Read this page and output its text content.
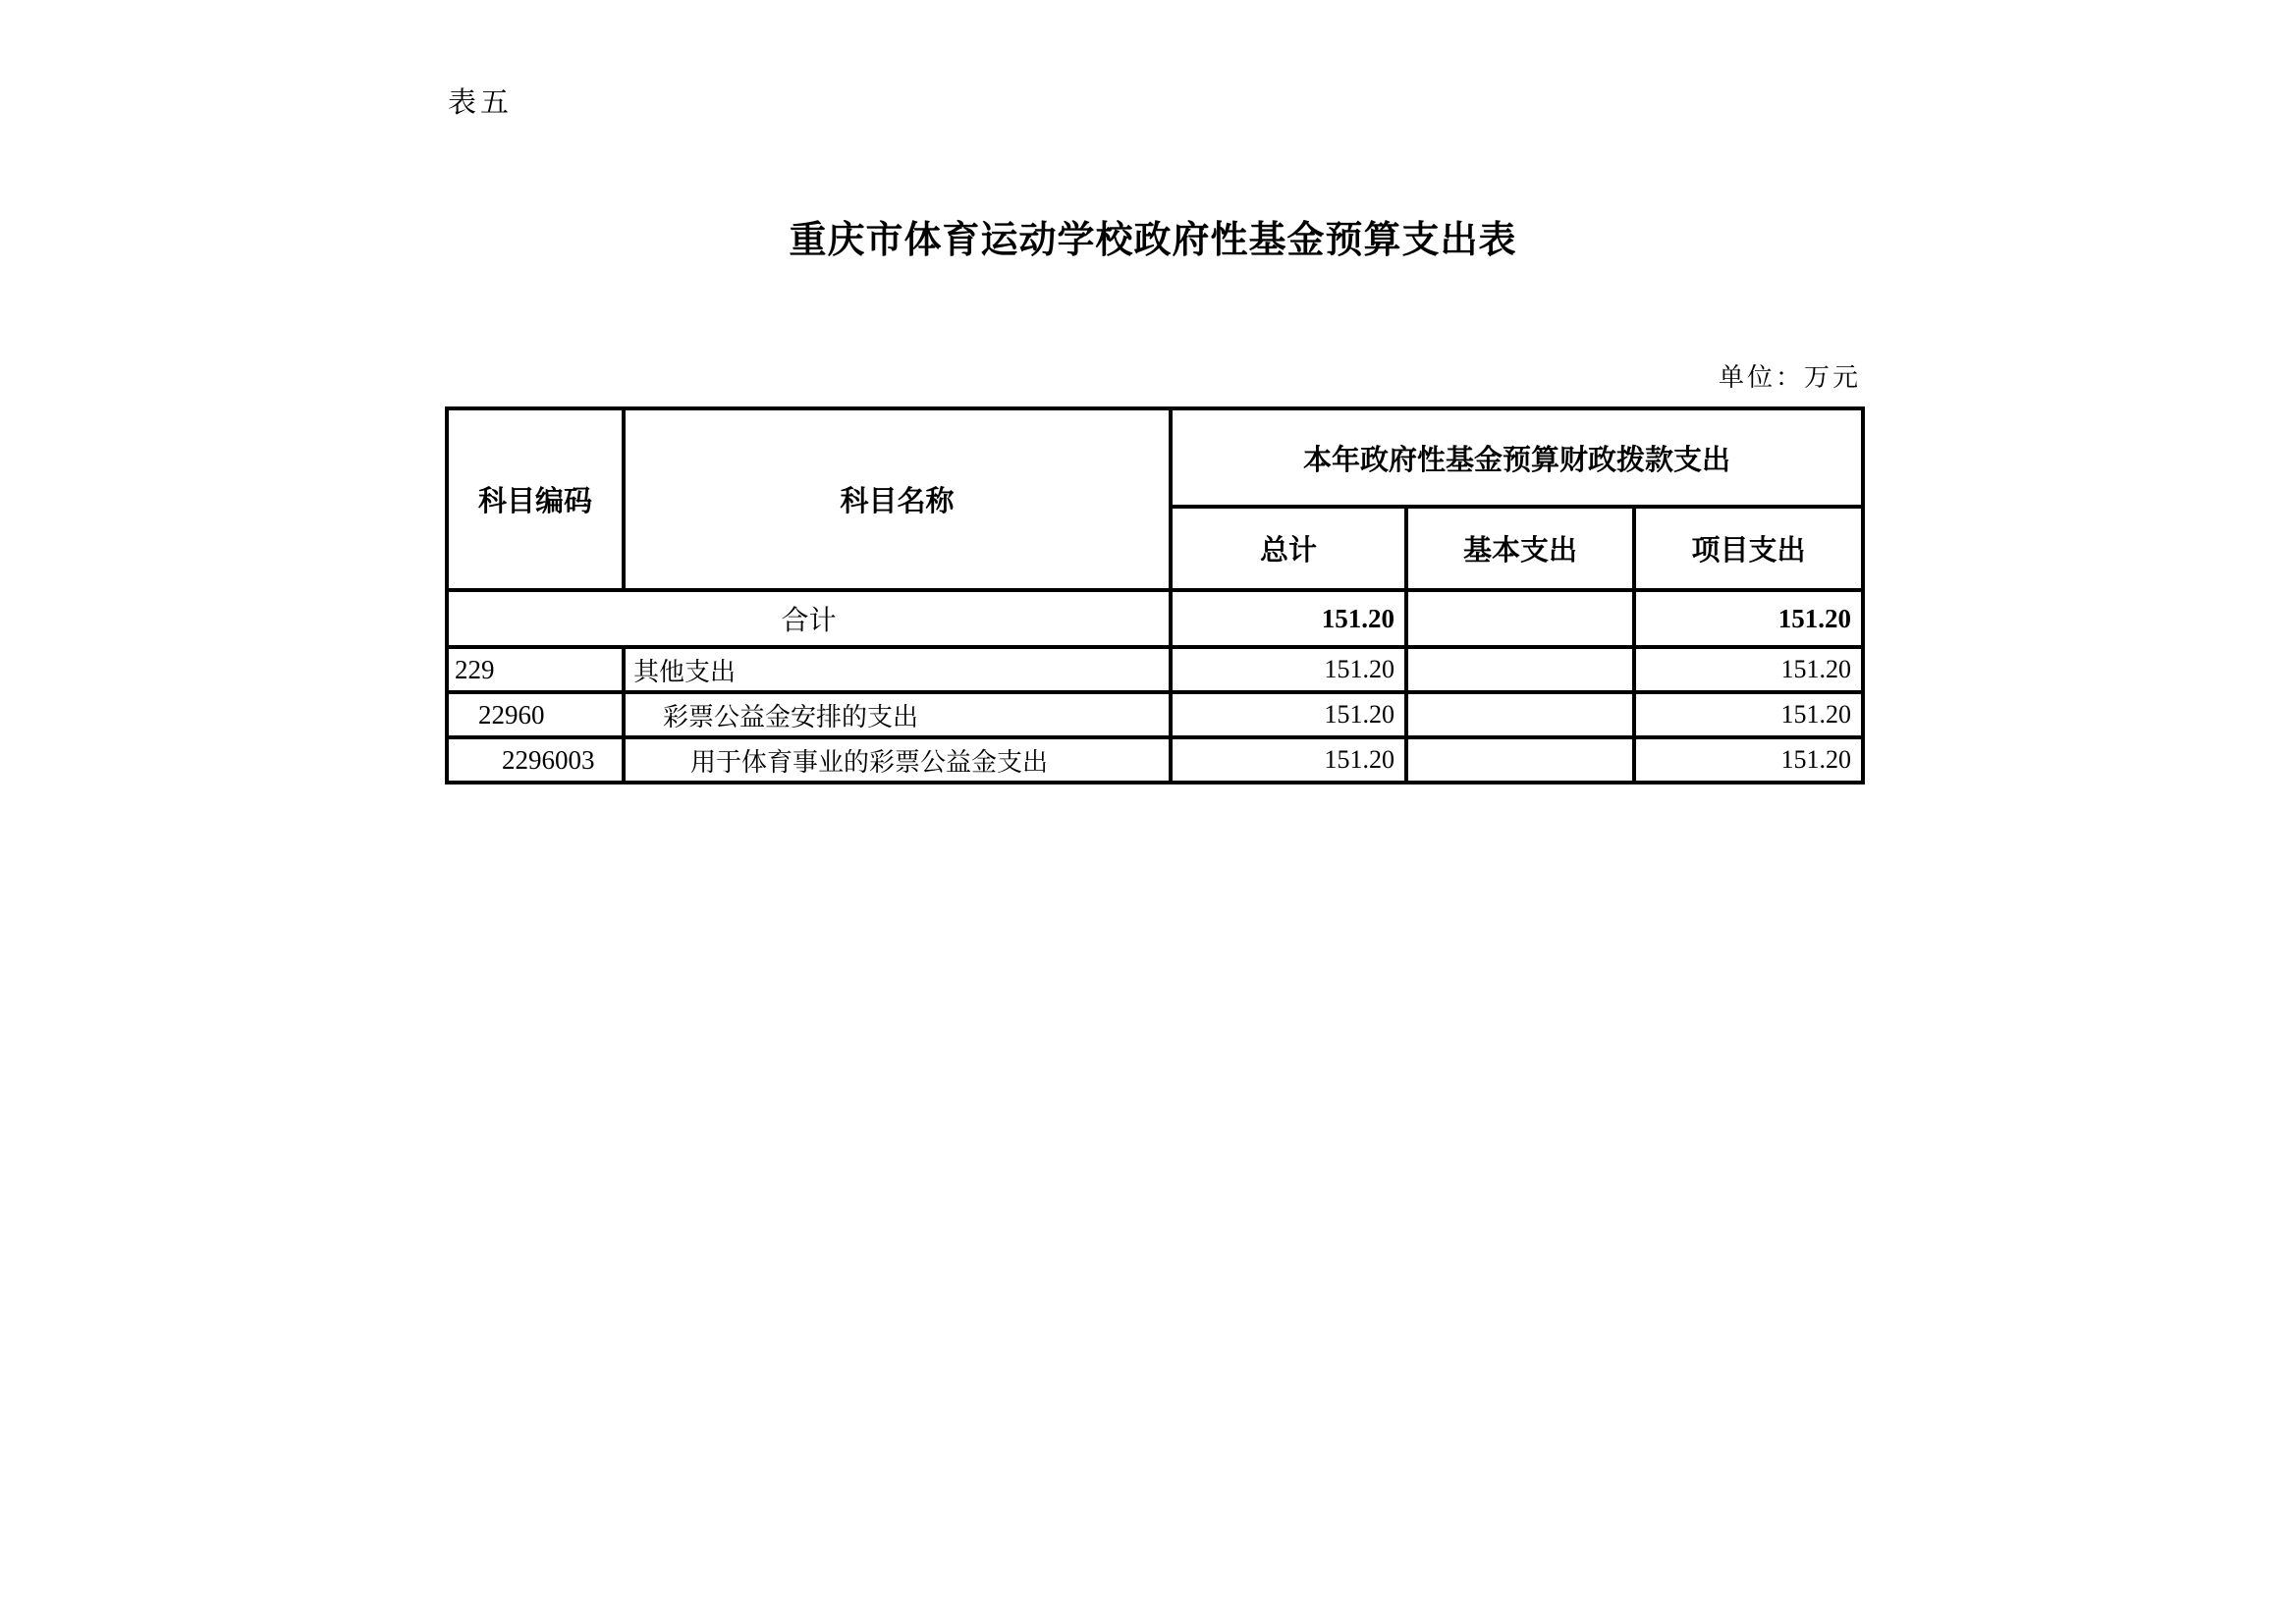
表五
重庆市体育运动学校政府性基金预算支出表
单位：万元
科目编码	科目名称	本年政府性基金预算财政拨款支出		
		总计	基本支出	项目支出
合计		151.20		151.20
229	其他支出	151.20		151.20
22960	彩票公益金安排的支出	151.20		151.20
2296003	用于体育事业的彩票公益金支出	151.20		151.20
